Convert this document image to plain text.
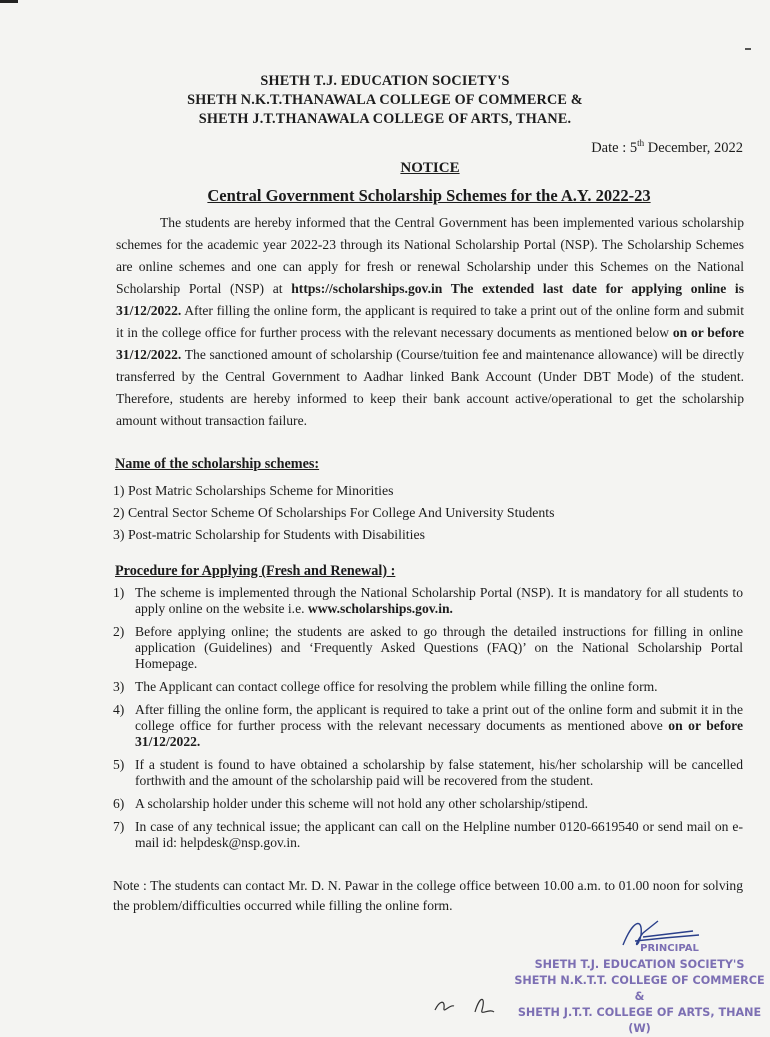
SHETH T.J. EDUCATION SOCIETY'S
SHETH N.K.T.THANAWALA COLLEGE OF COMMERCE &
SHETH J.T.THANAWALA COLLEGE OF ARTS, THANE.
Date : 5th December, 2022
NOTICE
Central Government Scholarship Schemes for the A.Y. 2022-23

The students are hereby informed that the Central Government has been implemented various scholarship schemes for the academic year 2022-23 through its National Scholarship Portal (NSP). The Scholarship Schemes are online schemes and one can apply for fresh or renewal Scholarship under this Schemes on the National Scholarship Portal (NSP) at https://scholarships.gov.in The extended last date for applying online is 31/12/2022. After filling the online form, the applicant is required to take a print out of the online form and submit it in the college office for further process with the relevant necessary documents as mentioned below on or before 31/12/2022. The sanctioned amount of scholarship (Course/tuition fee and maintenance allowance) will be directly transferred by the Central Government to Aadhar linked Bank Account (Under DBT Mode) of the student. Therefore, students are hereby informed to keep their bank account active/operational to get the scholarship amount without transaction failure.

Name of the scholarship schemes:
1) Post Matric Scholarships Scheme for Minorities
2) Central Sector Scheme Of Scholarships For College And University Students
3) Post-matric Scholarship for Students with Disabilities
Procedure for Applying (Fresh and Renewal) :
1) The scheme is implemented through the National Scholarship Portal (NSP). It is mandatory for all students to apply online on the website i.e. www.scholarships.gov.in.
2) Before applying online; the students are asked to go through the detailed instructions for filling in online application (Guidelines) and ‘Frequently Asked Questions (FAQ)’ on the National Scholarship Portal Homepage.
3) The Applicant can contact college office for resolving the problem while filling the online form.
4) After filling the online form, the applicant is required to take a print out of the online form and submit it in the college office for further process with the relevant necessary documents as mentioned above on or before 31/12/2022.
5) If a student is found to have obtained a scholarship by false statement, his/her scholarship will be cancelled forthwith and the amount of the scholarship paid will be recovered from the student.
6) A scholarship holder under this scheme will not hold any other scholarship/stipend.
7) In case of any technical issue; the applicant can call on the Helpline number 0120-6619540 or send mail on e-mail id: helpdesk@nsp.gov.in.

Note : The students can contact Mr. D. N. Pawar in the college office between 10.00 a.m. to 01.00 noon for solving the problem/difficulties occurred while filling the online form.

PRINCIPAL
SHETH T.J. EDUCATION SOCIETY'S
SHETH N.K.T.T. COLLEGE OF COMMERCE &
SHETH J.T.T. COLLEGE OF ARTS, THANE (W)
